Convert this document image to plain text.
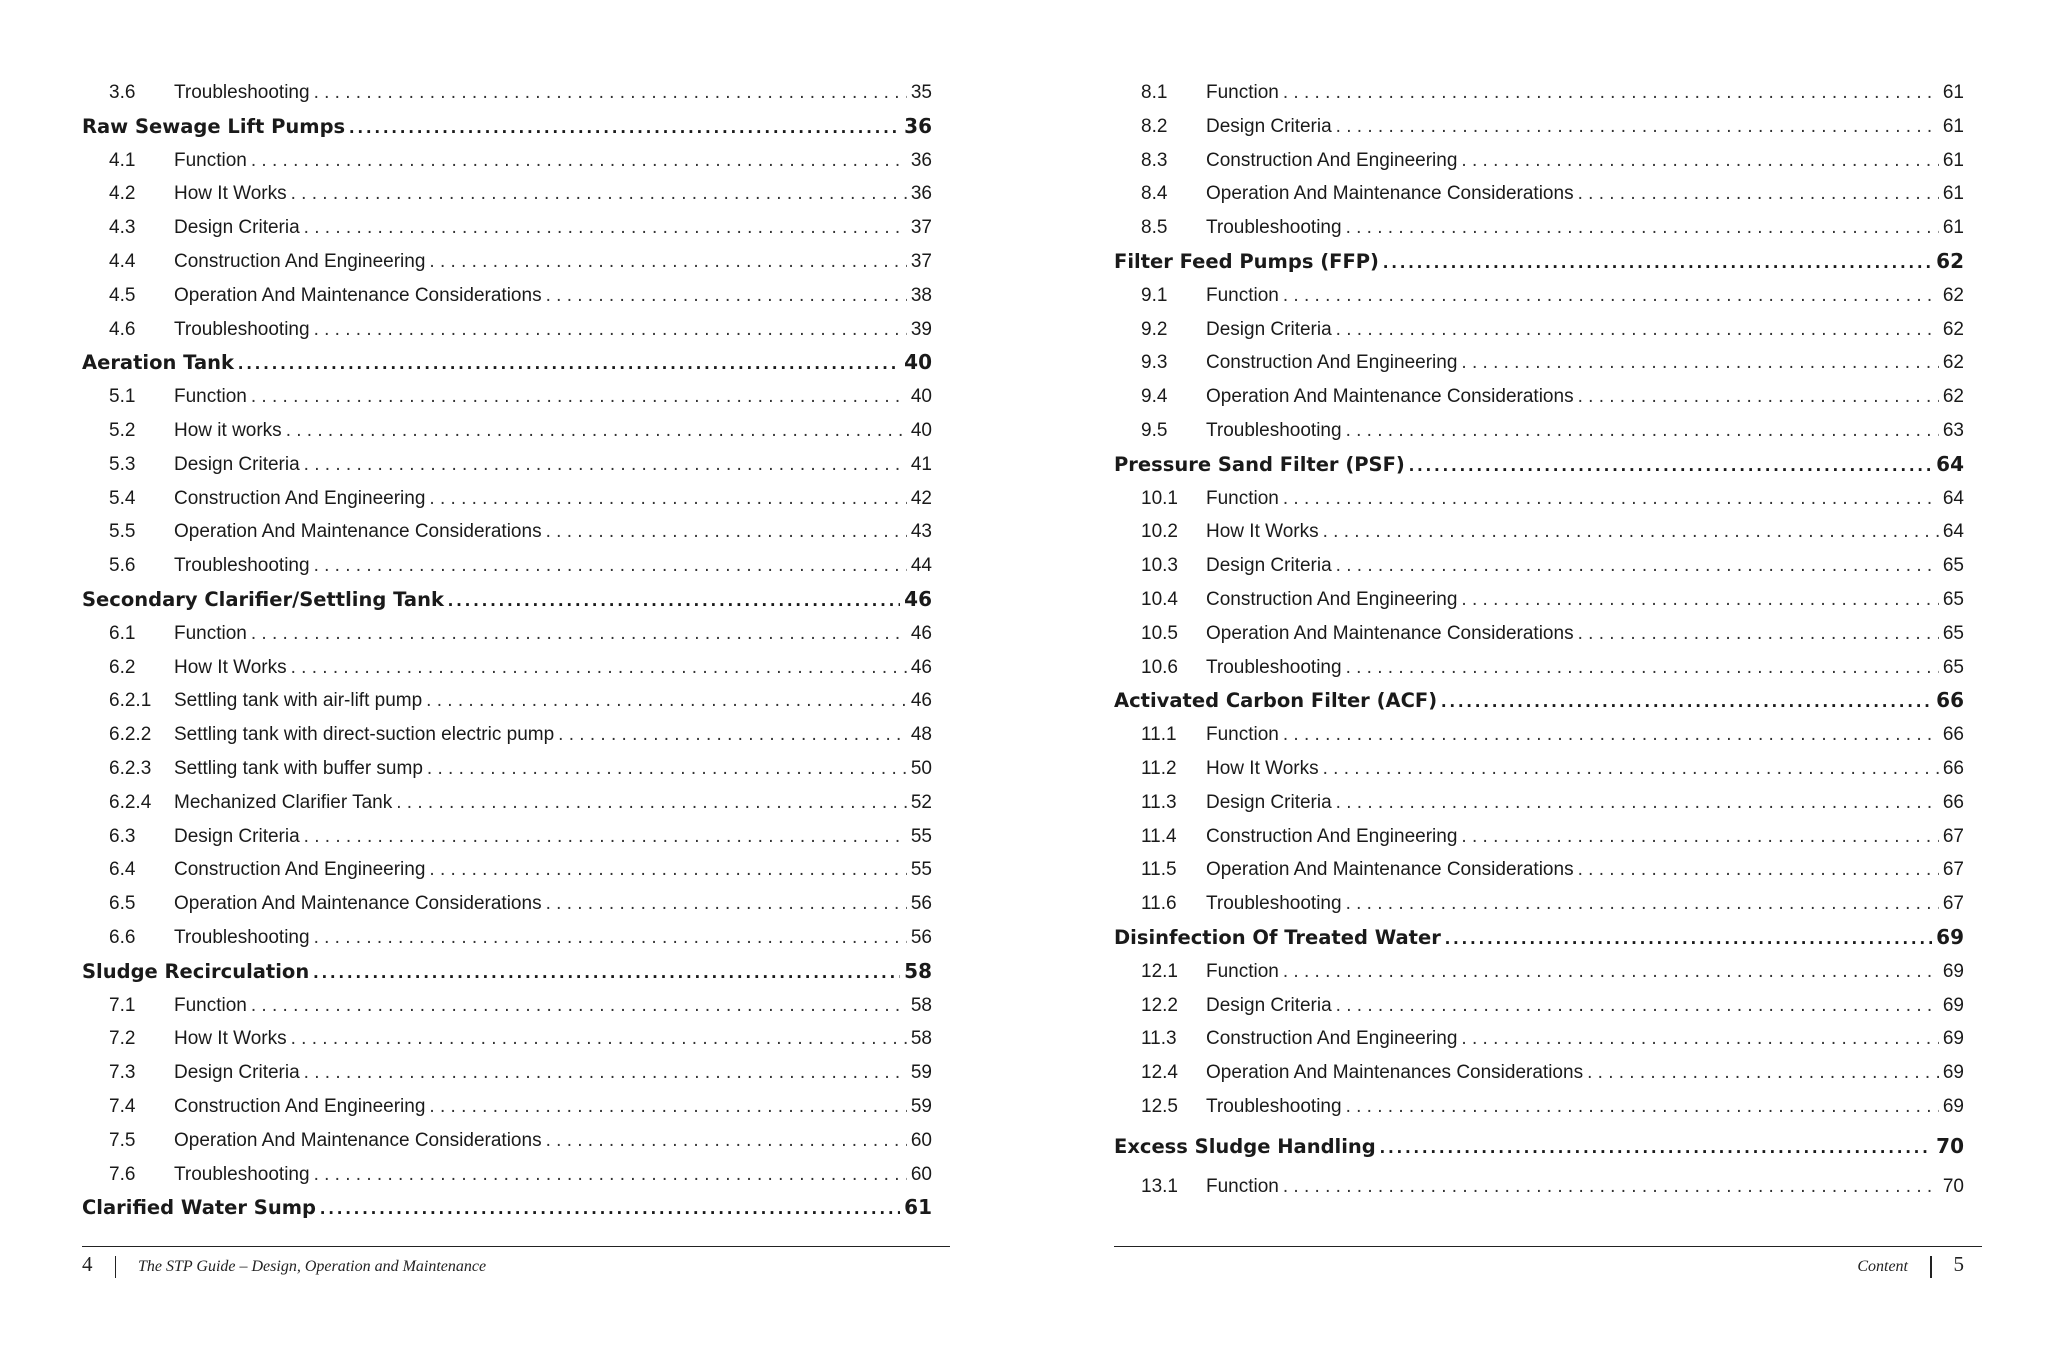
3.6	Troubleshooting . . .	35
Raw Sewage Lift Pumps .....	36
4.1	Function . . .	36
4.2	How It Works . . .	36
4.3	Design Criteria . . .	37
4.4	Construction And Engineering . . .	37
4.5	Operation And Maintenance Considerations . . .	38
4.6	Troubleshooting . . .	39
Aeration Tank .....	40
5.1	Function . . .	40
5.2	How it works . . .	40
5.3	Design Criteria . . .	41
5.4	Construction And Engineering . . .	42
5.5	Operation And Maintenance Considerations . . .	43
5.6	Troubleshooting . . .	44
Secondary Clarifier/Settling Tank .....	46
6.1	Function . . .	46
6.2	How It Works . . .	46
6.2.1	Settling tank with air-lift pump . . .	46
6.2.2	Settling tank with direct-suction electric pump . . .	48
6.2.3	Settling tank with buffer sump . . .	50
6.2.4	Mechanized Clarifier Tank . . .	52
6.3	Design Criteria . . .	55
6.4	Construction And Engineering . . .	55
6.5	Operation And Maintenance Considerations . . .	56
6.6	Troubleshooting . . .	56
Sludge Recirculation .....	58
7.1	Function . . .	58
7.2	How It Works . . .	58
7.3	Design Criteria . . .	59
7.4	Construction And Engineering . . .	59
7.5	Operation And Maintenance Considerations . . .	60
7.6	Troubleshooting . . .	60
Clarified Water Sump .....	61
4	The STP Guide – Design, Operation and Maintenance
8.1	Function . . .	61
8.2	Design Criteria . . .	61
8.3	Construction And Engineering . . .	61
8.4	Operation And Maintenance Considerations . . .	61
8.5	Troubleshooting . . .	61
Filter Feed Pumps (FFP) .....	62
9.1	Function . . .	62
9.2	Design Criteria . . .	62
9.3	Construction And Engineering . . .	62
9.4	Operation And Maintenance Considerations . . .	62
9.5	Troubleshooting . . .	63
Pressure Sand Filter (PSF) .....	64
10.1	Function . . .	64
10.2	How It Works . . .	64
10.3	Design Criteria . . .	65
10.4	Construction And Engineering . . .	65
10.5	Operation And Maintenance Considerations . . .	65
10.6	Troubleshooting . . .	65
Activated Carbon Filter (ACF) .....	66
11.1	Function . . .	66
11.2	How It Works . . .	66
11.3	Design Criteria . . .	66
11.4	Construction And Engineering . . .	67
11.5	Operation And Maintenance Considerations . . .	67
11.6	Troubleshooting . . .	67
Disinfection Of Treated Water .....	69
12.1	Function . . .	69
12.2	Design Criteria . . .	69
11.3	Construction And Engineering . . .	69
12.4	Operation And Maintenances Considerations . . .	69
12.5	Troubleshooting . . .	69
Excess Sludge Handling .....	70
13.1	Function . . .	70
Content 5
